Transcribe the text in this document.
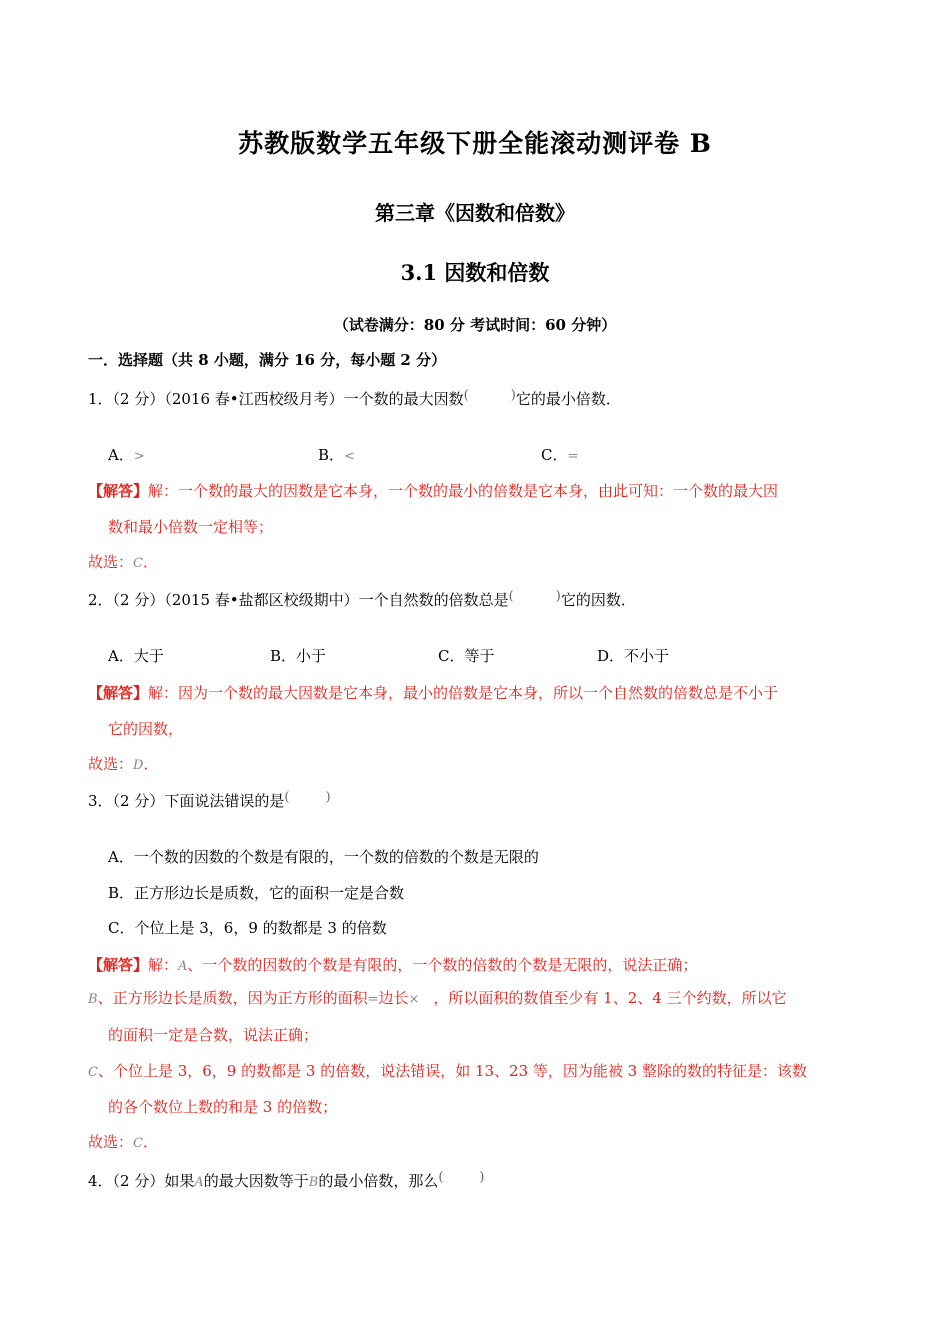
苏教版数学五年级下册全能滚动测评卷 B
第三章《因数和倍数》
3.1 因数和倍数
（试卷满分：80 分 考试时间：60 分钟）
一．选择题（共 8 小题，满分 16 分，每小题 2 分）
1．（2 分）（2016 春•江西校级月考）一个数的最大因数(	)它的最小倍数．
A．>	B．<	C．=
【解答】解：一个数的最大的因数是它本身，一个数的最小的倍数是它本身，由此可知：一个数的最大因
数和最小倍数一定相等；
故选：C．
2．（2 分）（2015 春•盐都区校级期中）一个自然数的倍数总是(	)它的因数．
A．大于	B．小于	C．等于	D．不小于
【解答】解：因为一个数的最大因数是它本身，最小的倍数是它本身，所以一个自然数的倍数总是不小于
它的因数，
故选：D．
3．（2 分）下面说法错误的是(	)
A．一个数的因数的个数是有限的，一个数的倍数的个数是无限的
B．正方形边长是质数，它的面积一定是合数
C．个位上是 3，6，9 的数都是 3 的倍数
【解答】解：A、一个数的因数的个数是有限的，一个数的倍数的个数是无限的，说法正确；
B、正方形边长是质数，因为正方形的面积=边长× ，所以面积的数值至少有 1、2、4 三个约数，所以它
的面积一定是合数，说法正确；
C、个位上是 3，6，9 的数都是 3 的倍数，说法错误，如 13、23 等，因为能被 3 整除的数的特征是：该数
的各个数位上数的和是 3 的倍数；
故选：C．
4．（2 分）如果A的最大因数等于B的最小倍数，那么(	)
